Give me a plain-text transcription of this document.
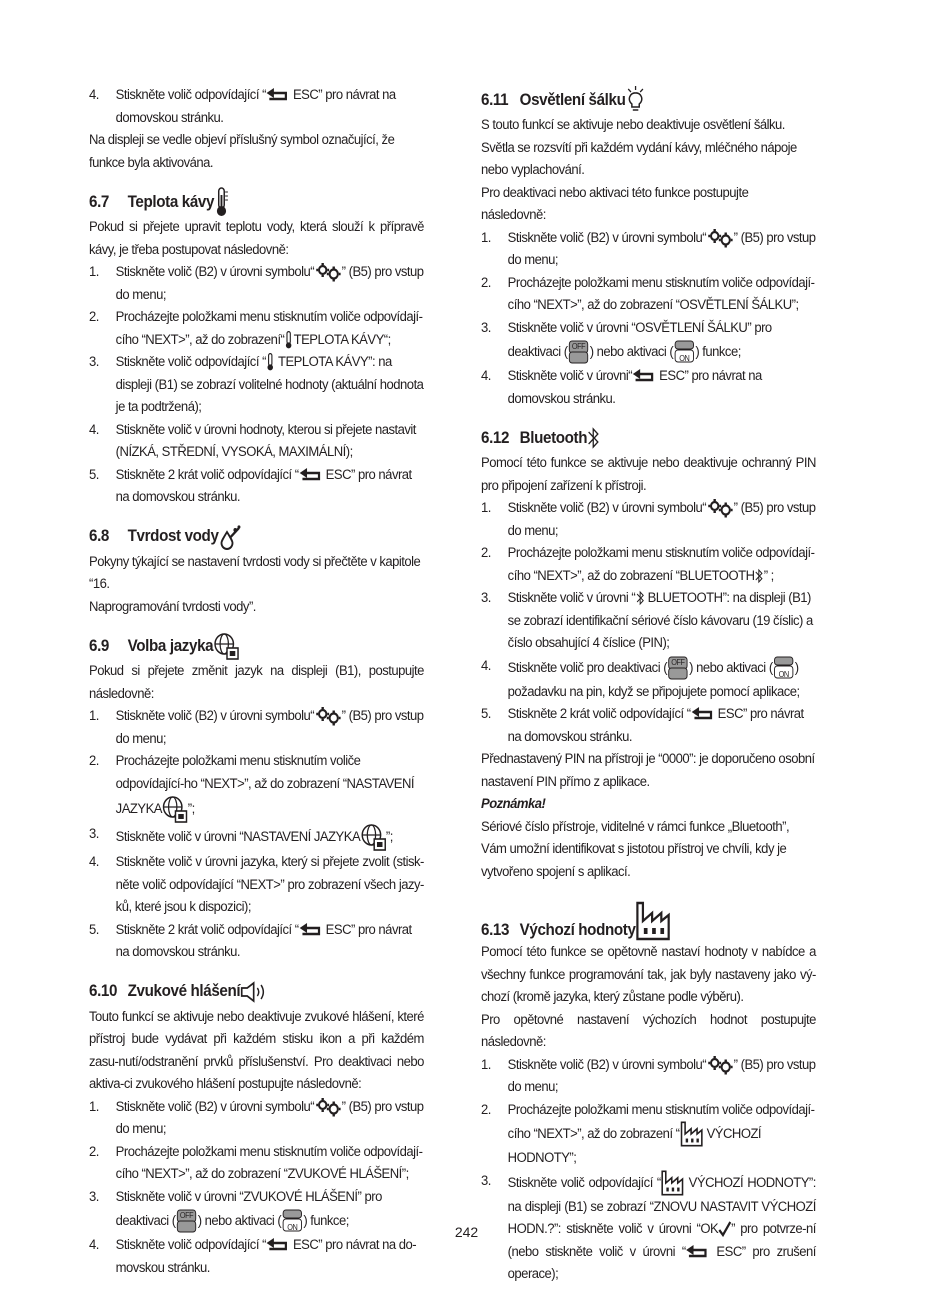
4. Stiskněte volič odpovídající “
ESC” pro návrat na domovskou stránku.

Na displeji se vedle objeví příslušný symbol označující, že funkce byla aktivována.

6.7	Teplota kávy

Pokud si přejete upravit teplotu vody, která slouží k přípravě kávy, je třeba postupovat následovně:

1. Stiskněte volič (B2) v úrovni symbolu“ ” (B5) pro vstup do menu;
2. Procházejte položkami menu stisknutím voliče odpovídají-cího “NEXT>”, až do zobrazení“ TEPLOTA KÁVY“;
3. Stiskněte volič odpovídající “
TEPLOTA KÁVY”: na displeji (B1) se zobrazí volitelné hodnoty (aktuální hodnota je ta podtržená);
4. Stiskněte volič v úrovni hodnoty, kterou si přejete nastavit (NÍZKÁ, STŘEDNÍ, VYSOKÁ, MAXIMÁLNÍ);
5. Stiskněte 2 krát volič odpovídající “
ESC” pro návrat na domovskou stránku.
6.8	Tvrdost vody

Pokyny týkající se nastavení tvrdosti vody si přečtěte v kapitole “16.

Naprogramování tvrdosti vody”.

6.9	Volba jazyka

Pokud si přejete změnit jazyk na displeji (B1), postupujte následovně:

1. Stiskněte volič (B2) v úrovni symbolu“ ” (B5) pro vstup do menu;
2. Procházejte položkami menu stisknutím voliče odpovídající-ho “NEXT>”, až do zobrazení “NASTAVENÍ JAZYKA ”;
3. Stiskněte volič v úrovni “NASTAVENÍ JAZYKA ”;
4. Stiskněte volič v úrovni jazyka, který si přejete zvolit (stisk-něte volič odpovídající “NEXT>” pro zobrazení všech jazy-ků, které jsou k dispozici);
5. Stiskněte 2 krát volič odpovídající “
ESC” pro návrat na domovskou stránku.
6.10 Zvukové hlášení

Touto funkcí se aktivuje nebo deaktivuje zvukové hlášení, které přístroj bude vydávat při každém stisku ikon a při každém zasu-nutí/odstranění prvků příslušenství. Pro deaktivaci nebo aktiva-ci zvukového hlášení postupujte následovně:

1. Stiskněte volič (B2) v úrovni symbolu“ ” (B5) pro vstup do menu;
2. Procházejte položkami menu stisknutím voliče odpovídají-cího “NEXT>”, až do zobrazení “ZVUKOVÉ HLÁŠENÍ”;
3. Stiskněte volič v úrovni “ZVUKOVÉ HLÁŠENÍ” pro deaktivaci ( OFF ) nebo aktivaci ( ON ) funkce;
4. Stiskněte volič odpovídající “
ESC” pro návrat na do-movskou stránku.
6.11 Osvětlení šálku

S touto funkcí se aktivuje nebo deaktivuje osvětlení šálku.

Světla se rozsvítí při každém vydání kávy, mléčného nápoje nebo vyplachování.

Pro deaktivaci nebo aktivaci této funkce postupujte následovně:

1. Stiskněte volič (B2) v úrovni symbolu“ ” (B5) pro vstup do menu;
2. Procházejte položkami menu stisknutím voliče odpovídají-cího “NEXT>”, až do zobrazení “OSVĚTLENÍ ŠÁLKU”;
3. Stiskněte volič v úrovni “OSVĚTLENÍ ŠÁLKU” pro deaktivaci ( OFF ) nebo aktivaci ( ON ) funkce;
4. Stiskněte volič v úrovni“
ESC” pro návrat na domovskou stránku.
6.12 Bluetooth

Pomocí této funkce se aktivuje nebo deaktivuje ochranný PIN pro připojení zařízení k přístroji.

1. Stiskněte volič (B2) v úrovni symbolu“ ” (B5) pro vstup do menu;
2. Procházejte položkami menu stisknutím voliče odpovídají-cího “NEXT>”, až do zobrazení “BLUETOOTH ” ;
3. Stiskněte volič v úrovni “
BLUETOOTH”: na displeji (B1) se zobrazí identifikační sériové číslo kávovaru (19 číslic) a číslo obsahující 4 číslice (PIN);
4. Stiskněte volič pro deaktivaci ( OFF ) nebo aktivaci ( ON ) požadavku na pin, když se připojujete pomocí aplikace;
5. Stiskněte 2 krát volič odpovídající “
ESC” pro návrat na domovskou stránku.

Přednastavený PIN na přístroji je “0000”: je doporučeno osobní nastavení PIN přímo z aplikace.

Poznámka!

Sériové číslo přístroje, viditelné v rámci funkce „Bluetooth”, Vám umožní identifikovat s jistotou přístroj ve chvíli, kdy je vytvořeno spojení s aplikací.

6.13 Výchozí hodnoty

Pomocí této funkce se opětovně nastaví hodnoty v nabídce a všechny funkce programování tak, jak byly nastaveny jako vý-chozí (kromě jazyka, který zůstane podle výběru).

Pro opětovné nastavení výchozích hodnot postupujte následovně:

1. Stiskněte volič (B2) v úrovni symbolu“ ” (B5) pro vstup do menu;
2. Procházejte položkami menu stisknutím voliče odpovídají-cího “NEXT>”, až do zobrazení “
VÝCHOZÍ HODNOTY”;
3. Stiskněte volič odpovídající “
VÝCHOZÍ HODNOTY”: na displeji (B1) se zobrazí “ZNOVU NASTAVIT VÝCHOZÍ HODN.?”: stiskněte volič v úrovni “OK ” pro potvrze-ní (nebo stiskněte volič v úrovni “
ESC” pro zrušení operace);
242
